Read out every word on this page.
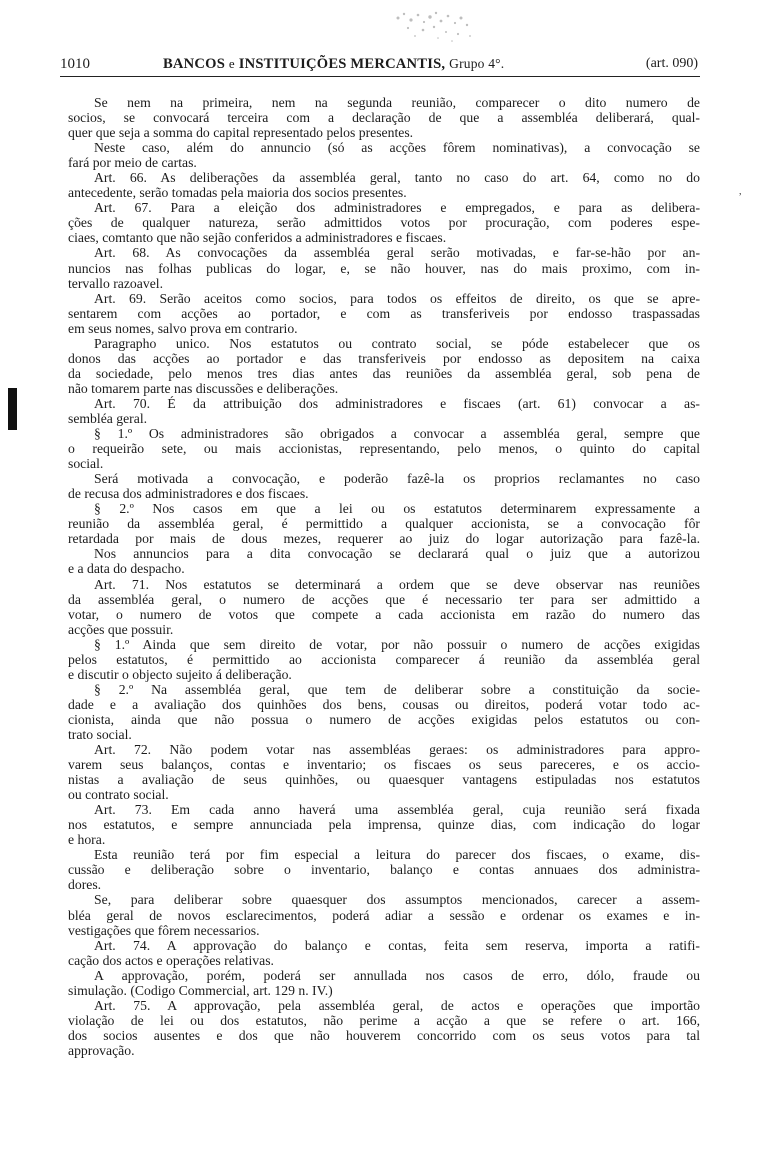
1010	BANCOS e INSTITUIÇÕES MERCANTIS, Grupo 4°.	(art. 090)
,
Se nem na primeira, nem na segunda reunião, comparecer o dito numero de
socios, se convocará terceira com a declaração de que a assembléa deliberará, qual-
quer que seja a somma do capital representado pelos presentes.
Neste caso, além do annuncio (só as acções fôrem nominativas), a convocação se
fará por meio de cartas.
Art. 66. As deliberações da assembléa geral, tanto no caso do art. 64, como no do
antecedente, serão tomadas pela maioria dos socios presentes.
Art. 67. Para a eleição dos administradores e empregados, e para as delibera-
ções de qualquer natureza, serão admittidos votos por procuração, com poderes espe-
ciaes, comtanto que não sejão conferidos a administradores e fiscaes.
Art. 68. As convocações da assembléa geral serão motivadas, e far-se-hão por an-
nuncios nas folhas publicas do logar, e, se não houver, nas do mais proximo, com in-
tervallo razoavel.
Art. 69. Serão aceitos como socios, para todos os effeitos de direito, os que se apre-
sentarem com acções ao portador, e com as transferiveis por endosso traspassadas
em seus nomes, salvo prova em contrario.
Paragrapho unico. Nos estatutos ou contrato social, se póde estabelecer que os
donos das acções ao portador e das transferiveis por endosso as depositem na caixa
da sociedade, pelo menos tres dias antes das reuniões da assembléa geral, sob pena de
não tomarem parte nas discussões e deliberações.
Art. 70. É da attribuição dos administradores e fiscaes (art. 61) convocar a as-
sembléa geral.
§ 1.º Os administradores são obrigados a convocar a assembléa geral, sempre que
o requeirão sete, ou mais accionistas, representando, pelo menos, o quinto do capital
social.
Será motivada a convocação, e poderão fazê-la os proprios reclamantes no caso
de recusa dos administradores e dos fiscaes.
§ 2.º Nos casos em que a lei ou os estatutos determinarem expressamente a
reunião da assembléa geral, é permittido a qualquer accionista, se a convocação fôr
retardada por mais de dous mezes, requerer ao juiz do logar autorização para fazê-la.
Nos annuncios para a dita convocação se declarará qual o juiz que a autorizou
e a data do despacho.
Art. 71. Nos estatutos se determinará a ordem que se deve observar nas reuniões
da assembléa geral, o numero de acções que é necessario ter para ser admittido a
votar, o numero de votos que compete a cada accionista em razão do numero das
acções que possuir.
§ 1.º Ainda que sem direito de votar, por não possuir o numero de acções exigidas
pelos estatutos, é permittido ao accionista comparecer á reunião da assembléa geral
e discutir o objecto sujeito á deliberação.
§ 2.º Na assembléa geral, que tem de deliberar sobre a constituição da socie-
dade e a avaliação dos quinhões dos bens, cousas ou direitos, poderá votar todo ac-
cionista, ainda que não possua o numero de acções exigidas pelos estatutos ou con-
trato social.
Art. 72. Não podem votar nas assembléas geraes: os administradores para appro-
varem seus balanços, contas e inventario; os fiscaes os seus pareceres, e os accio-
nistas a avaliação de seus quinhões, ou quaesquer vantagens estipuladas nos estatutos
ou contrato social.
Art. 73. Em cada anno haverá uma assembléa geral, cuja reunião será fixada
nos estatutos, e sempre annunciada pela imprensa, quinze dias, com indicação do logar
e hora.
Esta reunião terá por fim especial a leitura do parecer dos fiscaes, o exame, dis-
cussão e deliberação sobre o inventario, balanço e contas annuaes dos administra-
dores.
Se, para deliberar sobre quaesquer dos assumptos mencionados, carecer a assem-
bléa geral de novos esclarecimentos, poderá adiar a sessão e ordenar os exames e in-
vestigações que fôrem necessarios.
Art. 74. A approvação do balanço e contas, feita sem reserva, importa a ratifi-
cação dos actos e operações relativas.
A approvação, porém, poderá ser annullada nos casos de erro, dólo, fraude ou
simulação. (Codigo Commercial, art. 129 n. IV.)
Art. 75. A approvação, pela assembléa geral, de actos e operações que importão
violação de lei ou dos estatutos, não perime a acção a que se refere o art. 166,
dos socios ausentes e dos que não houverem concorrido com os seus votos para tal
approvação.
